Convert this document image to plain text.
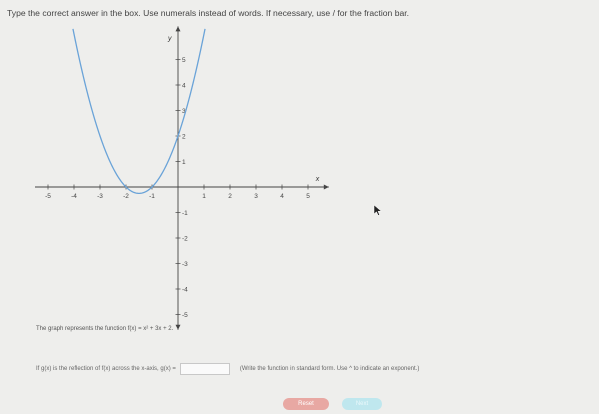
Type the correct answer in the box. Use numerals instead of words. If necessary, use / for the fraction bar.
-5	-4	-3	-2	-1	1	2	3	4	5
-5
-4
-3
-2
-1
1
2
3
4
5
x
y
The graph represents the function f(x) = x² + 3x + 2.
If g(x) is the reflection of f(x) across the x-axis, g(x) =	(Write the function in standard form. Use ^ to indicate an exponent.)
Reset	Next
